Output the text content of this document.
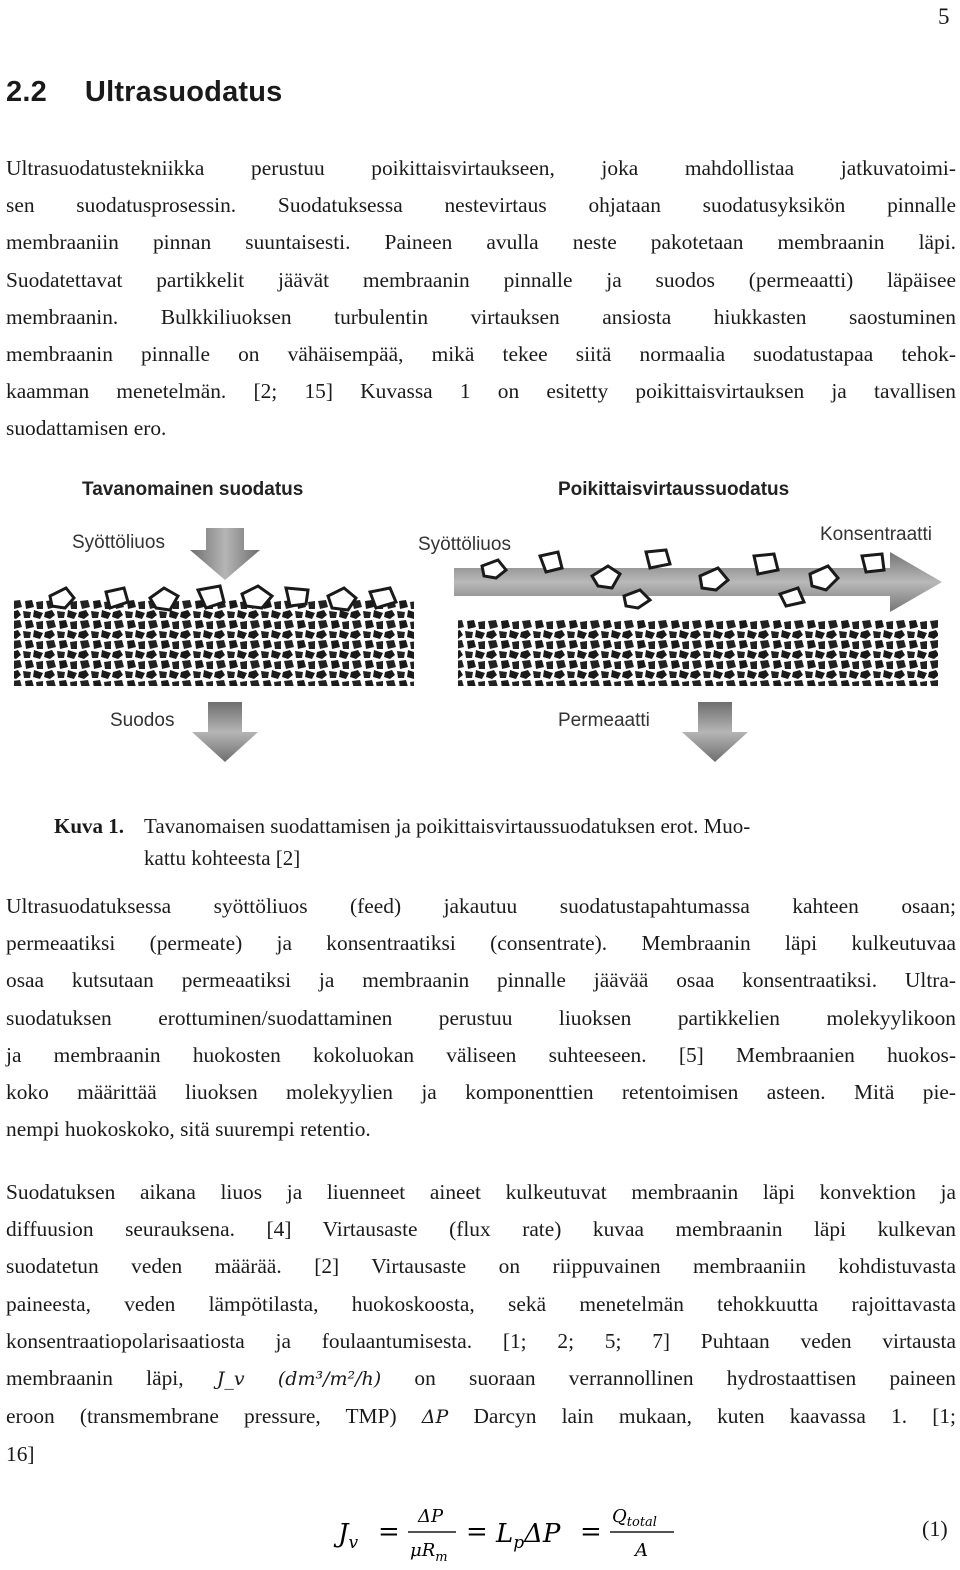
5
2.2 Ultrasuodatus
Ultrasuodatustekniikka perustuu poikittaisvirtaukseen, joka mahdollistaa jatkuvatoimi-
sen suodatusprosessin. Suodatuksessa nestevirtaus ohjataan suodatusyksikön pinnalle
membraaniin pinnan suuntaisesti. Paineen avulla neste pakotetaan membraanin läpi.
Suodatettavat partikkelit jäävät membraanin pinnalle ja suodos (permeaatti) läpäisee
membraanin. Bulkkiliuoksen turbulentin virtauksen ansiosta hiukkasten saostuminen
membraanin pinnalle on vähäisempää, mikä tekee siitä normaalia suodatustapaa tehok-
kaamman menetelmän. [2; 15] Kuvassa 1 on esitetty poikittaisvirtauksen ja tavallisen
suodattamisen ero.
Tavanomainen suodatus
Syöttöliuos
Suodos
Poikittaisvirtaussuodatus
Syöttöliuos	Konsentraatti
Permeaatti
Kuva 1. Tavanomaisen suodattamisen ja poikittaisvirtaussuodatuksen erot. Muo-
kattu kohteesta [2]
Ultrasuodatuksessa syöttöliuos (feed) jakautuu suodatustapahtumassa kahteen osaan;
permeaatiksi (permeate) ja konsentraatiksi (consentrate). Membraanin läpi kulkeutuvaa
osaa kutsutaan permeaatiksi ja membraanin pinnalle jäävää osaa konsentraatiksi. Ultra-
suodatuksen erottuminen/suodattaminen perustuu liuoksen partikkelien molekyylikoon
ja membraanin huokosten kokoluokan väliseen suhteeseen. [5] Membraanien huokos-
koko määrittää liuoksen molekyylien ja komponenttien retentoimisen asteen. Mitä pie-
nempi huokoskoko, sitä suurempi retentio.
Suodatuksen aikana liuos ja liuenneet aineet kulkeutuvat membraanin läpi konvektion ja
diffuusion seurauksena. [4] Virtausaste (flux rate) kuvaa membraanin läpi kulkevan
suodatetun veden määrää. [2] Virtausaste on riippuvainen membraaniin kohdistuvasta
paineesta, veden lämpötilasta, huokoskoosta, sekä menetelmän tehokkuutta rajoittavasta
konsentraatiopolarisaatiosta ja foulaantumisesta. [1; 2; 5; 7] Puhtaan veden virtausta
membraanin läpi, J_v (dm³/m²/h) on suoraan verrannollinen hydrostaattisen paineen
eroon (transmembrane pressure, TMP) ΔP Darcyn lain mukaan, kuten kaavassa 1. [1;
16]
$J_v$ =
ΔP
$\mu R_m$
= $L_p\Delta P$ =
$Q_{total}$
A
(1)
